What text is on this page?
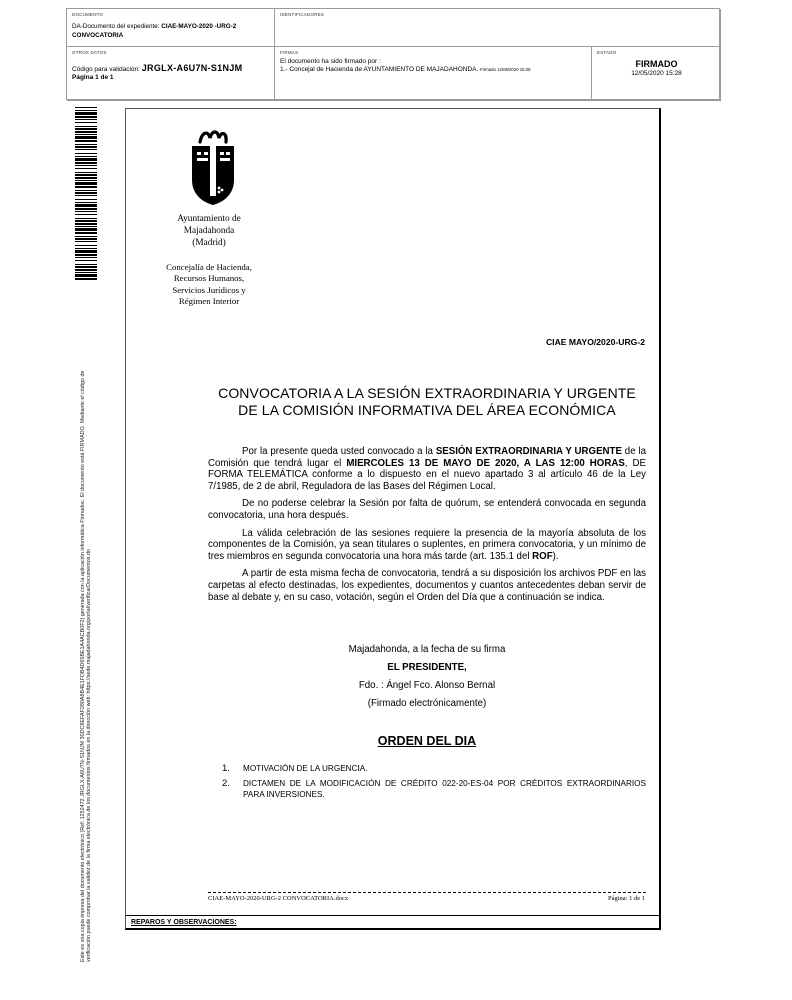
DOCUMENTO
DA-Documento del expediente: CIAE-MAYO-2020 -URG-2 CONVOCATORIA
IDENTIFICADORES
OTROS DATOS
Código para validación: JRGLX-A6U7N-S1NJM
Página 1 de 1
FIRMAS
El documento ha sido firmado por :
1.- Concejal de Hacienda de AYUNTAMIENTO DE MAJADAHONDA. Firmado 12/05/2020 15:28
ESTADO
FIRMADO
12/05/2020 15:28
Este es una copia impresa del documento electrónico (Ref: 1252472 JRGLX-A6U7N-S1NJM 30DC8EFAF280A8B4E1FDB4D65BE1A4ACB0F2) generada con la aplicación informática Firmadoc. El documento está FIRMADO. Mediante el código de verificación puede comprobar la validez de la firma electrónica de los documentos firmados en la dirección web: https://sede.majadahonda.org/portal/verificarDocumentos.do	REPAROS Y OBSERVACIONES:
Ayuntamiento de
Majadahonda
(Madrid)
Concejalía de Hacienda,
Recursos Humanos,
Servicios Jurídicos y
Régimen Interior
CIAE MAYO/2020-URG-2
CONVOCATORIA A LA SESIÓN EXTRAORDINARIA Y URGENTE DE LA COMISIÓN INFORMATIVA DEL ÁREA ECONÓMICA

Por la presente queda usted convocado a la SESIÓN EXTRAORDINARIA Y URGENTE de la Comisión que tendrá lugar el MIERCOLES 13 DE MAYO DE 2020, A LAS 12:00 HORAS, DE FORMA TELEMÁTICA conforme a lo dispuesto en el nuevo apartado 3 al artículo 46 de la Ley 7/1985, de 2 de abril, Reguladora de las Bases del Régimen Local.

De no poderse celebrar la Sesión por falta de quórum, se entenderá convocada en segunda convocatoria, una hora después.

La válida celebración de las sesiones requiere la presencia de la mayoría absoluta de los componentes de la Comisión, ya sean titulares o suplentes, en primera convocatoria, y un mínimo de tres miembros en segunda convocatoria una hora más tarde (art. 135.1 del ROF).

A partir de esta misma fecha de convocatoria, tendrá a su disposición los archivos PDF en las carpetas al efecto destinadas, los expedientes, documentos y cuantos antecedentes deban servir de base al debate y, en su caso, votación, según el Orden del Día que a continuación se indica.

Majadahonda, a la fecha de su firma
EL PRESIDENTE,
Fdo. : Ángel Fco. Alonso Bernal
(Firmado electrónicamente)
ORDEN DEL DIA
1. MOTIVACIÓN DE LA URGENCIA.
2. DICTAMEN DE LA MODIFICACIÓN DE CRÉDITO 022-20-ES-04 POR CRÉDITOS EXTRAORDINARIOS PARA INVERSIONES.
CIAE-MAYO-2020-URG-2 CONVOCATORIA.docx	Página: 1 de 1
